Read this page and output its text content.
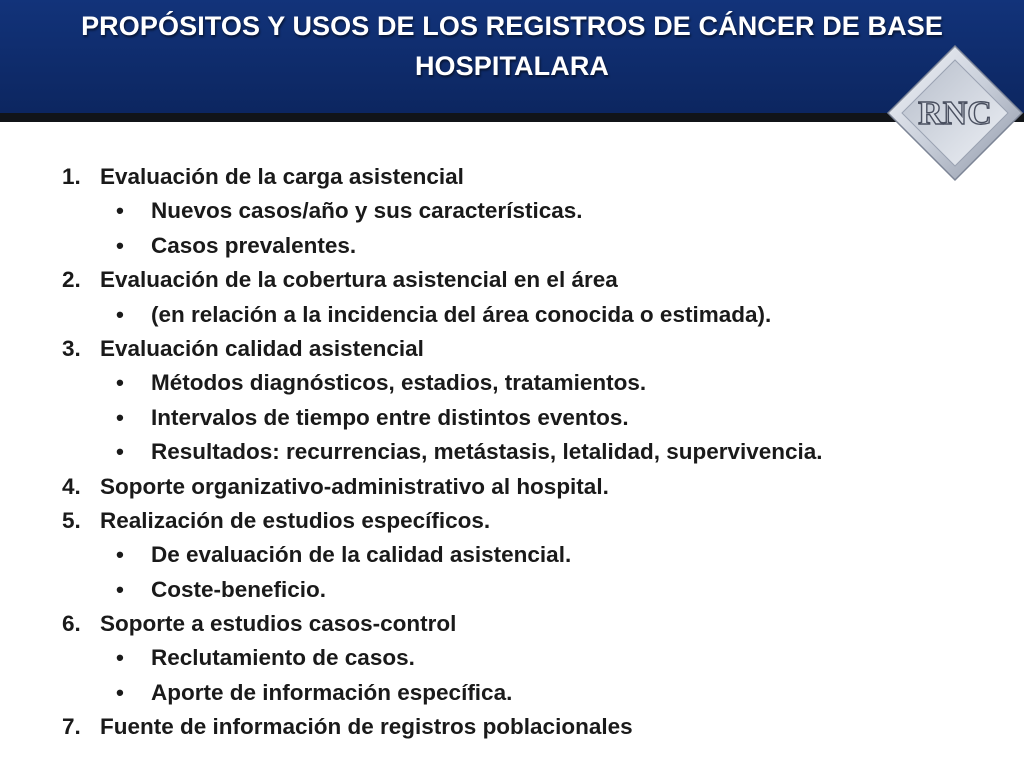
PROPÓSITOS Y USOS DE LOS REGISTROS DE CÁNCER DE BASE HOSPITALARA
RNC
1. Evaluación de la carga asistencial
• Nuevos casos/año y sus características.
• Casos prevalentes.
2. Evaluación de la cobertura asistencial en el área
• (en relación a la incidencia del área conocida o estimada).
3. Evaluación calidad asistencial
• Métodos diagnósticos, estadios, tratamientos.
• Intervalos de tiempo entre distintos eventos.
• Resultados: recurrencias, metástasis, letalidad, supervivencia.
4. Soporte organizativo-administrativo al hospital.
5. Realización de estudios específicos.
• De evaluación de la calidad asistencial.
• Coste-beneficio.
6. Soporte a estudios casos-control
• Reclutamiento de casos.
• Aporte de información específica.
7. Fuente de información de registros poblacionales
